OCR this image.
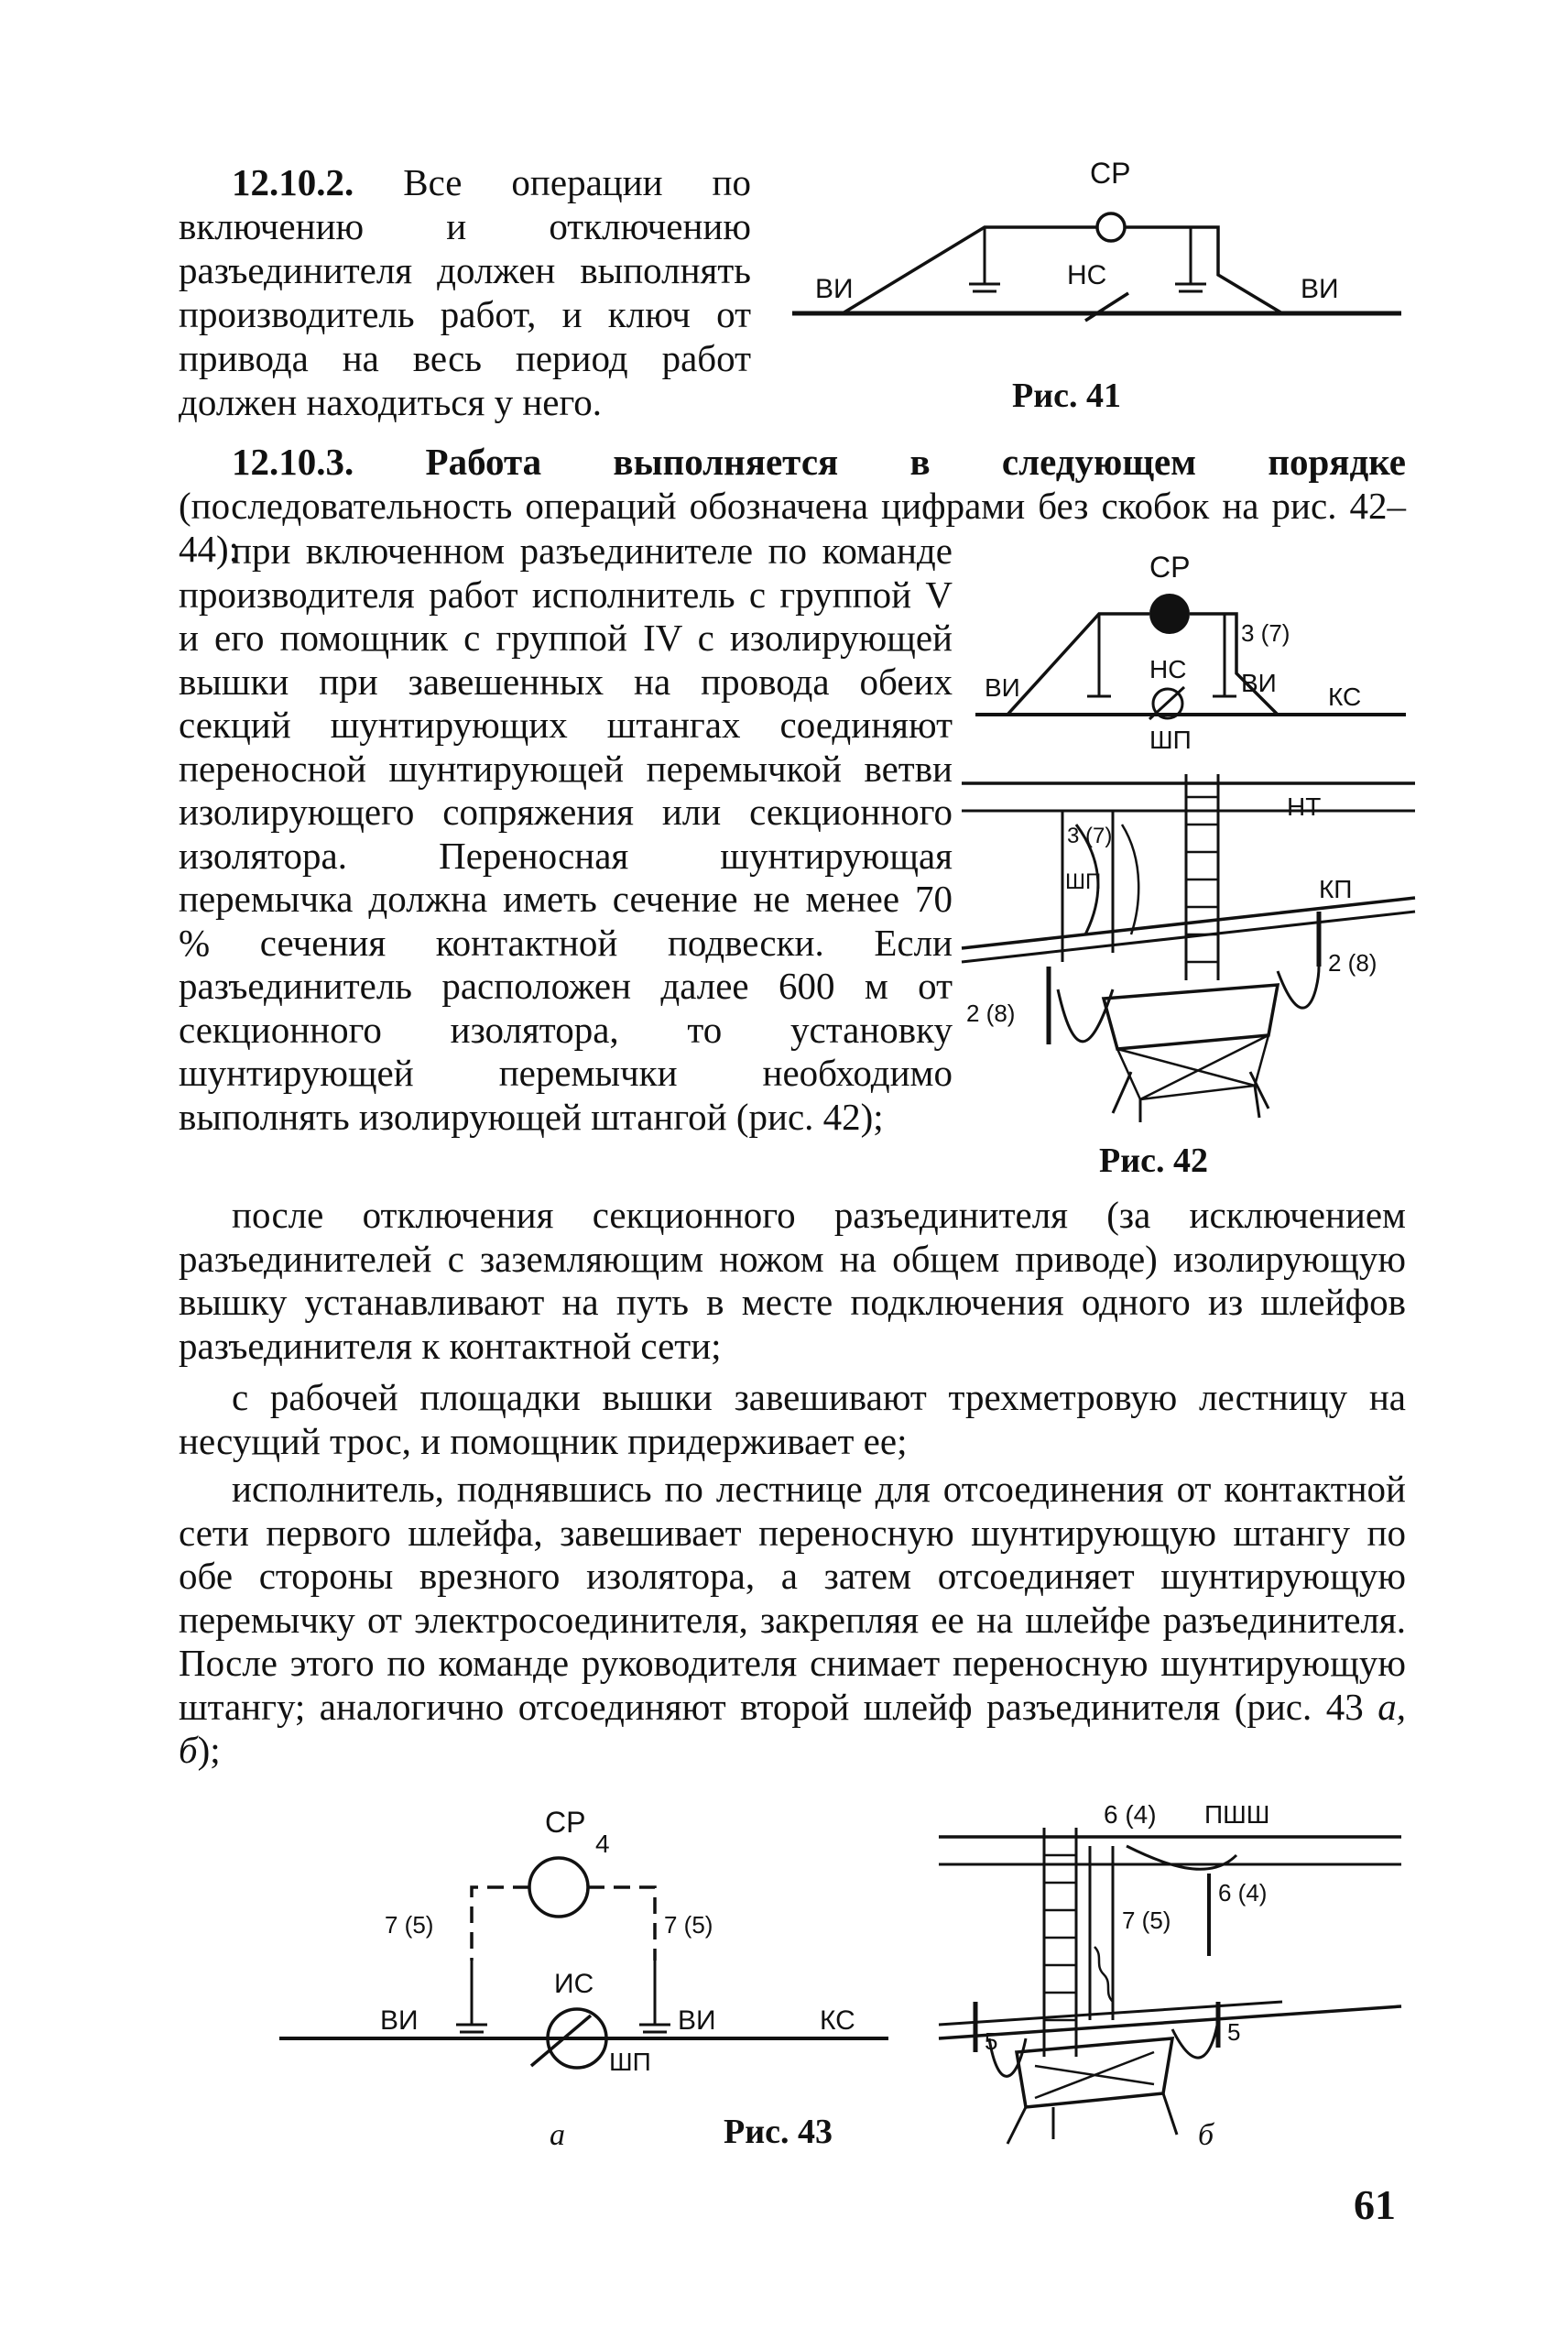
12.10.2. Все операции по включению и отключению разъединителя должен выполнять производитель работ, и ключ от привода на весь период работ должен находиться у него.

СР
ВИ	НС	ВИ
Рис. 41

12.10.3. Работа выполняется в следующем порядке (последовательность операций обозначена цифрами без скобок на рис. 42–44):

при включенном разъединителе по команде производителя работ исполнитель с группой V и его помощник с группой IV с изолирующей вышки при завешенных на провода обеих секций шунтирующих штангах соединяют переносной шунтирующей перемычкой ветви изолирующего сопряжения или секционного изолятора. Переносная шунтирующая перемычка должна иметь сечение не менее 70 % сечения контактной подвески. Если разъединитель расположен далее 600 м от секционного изолятора, то установку шунтирующей перемычки необходимо выполнять изолирующей штангой (рис. 42);

СР
ВИ
НС
3 (7)
ВИ КС
ШП
3 (7)
ШП
НТ
КП
2 (8)
2 (8)
Рис. 42

после отключения секционного разъединителя (за исключением разъединителей с заземляющим ножом на общем приводе) изолирующую вышку устанавливают на путь в месте подключения одного из шлейфов разъединителя к контактной сети;

с рабочей площадки вышки завешивают трехметровую лестницу на несущий трос, и помощник придерживает ее;

исполнитель, поднявшись по лестнице для отсоединения от контактной сети первого шлейфа, завешивает переносную шунтирующую штангу по обе стороны врезного изолятора, а затем отсоединяет шунтирующую перемычку от электросоединителя, закрепляя ее на шлейфе разъединителя. После этого по команде руководителя снимает переносную шунтирующую штангу; аналогично отсоединяют второй шлейф разъединителя (рис. 43 а, б);

СР
4
7 (5)	7 (5)
ИС
ВИ	ВИ	КС
ШП
а	Рис. 43
6 (4) ПШШ
6 (4)
7 (5)
5	5
б
61
